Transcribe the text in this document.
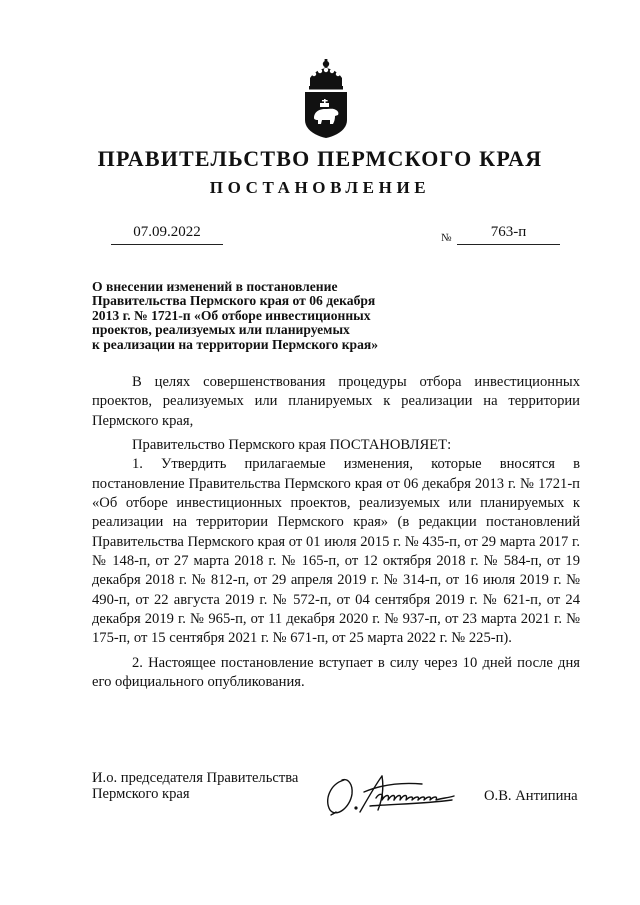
ПРАВИТЕЛЬСТВО ПЕРМСКОГО КРАЯ
ПОСТАНОВЛЕНИЕ
07.09.2022	№	763-п
О внесении изменений в постановление
Правительства Пермского края от 06 декабря
2013 г. № 1721-п «Об отборе инвестиционных
проектов, реализуемых или планируемых
к реализации на территории Пермского края»

В целях совершенствования процедуры отбора инвестиционных проектов, реализуемых или планируемых к реализации на территории Пермского края,

Правительство Пермского края ПОСТАНОВЛЯЕТ:

1. Утвердить прилагаемые изменения, которые вносятся в постановление Правительства Пермского края от 06 декабря 2013 г. № 1721-п «Об отборе инвестиционных проектов, реализуемых или планируемых к реализации на территории Пермского края» (в редакции постановлений Правительства Пермского края от 01 июля 2015 г. № 435-п, от 29 марта 2017 г. № 148-п, от 27 марта 2018 г. № 165-п, от 12 октября 2018 г. № 584-п, от 19 декабря 2018 г. № 812-п, от 29 апреля 2019 г. № 314-п, от 16 июля 2019 г. № 490-п, от 22 августа 2019 г. № 572-п, от 04 сентября 2019 г. № 621-п, от 24 декабря 2019 г. № 965-п, от 11 декабря 2020 г. № 937-п, от 23 марта 2021 г. № 175-п, от 15 сентября 2021 г. № 671-п, от 25 марта 2022 г. № 225-п).

2. Настоящее постановление вступает в силу через 10 дней после дня его официального опубликования.

И.о. председателя Правительства
Пермского края	О.В. Антипина
